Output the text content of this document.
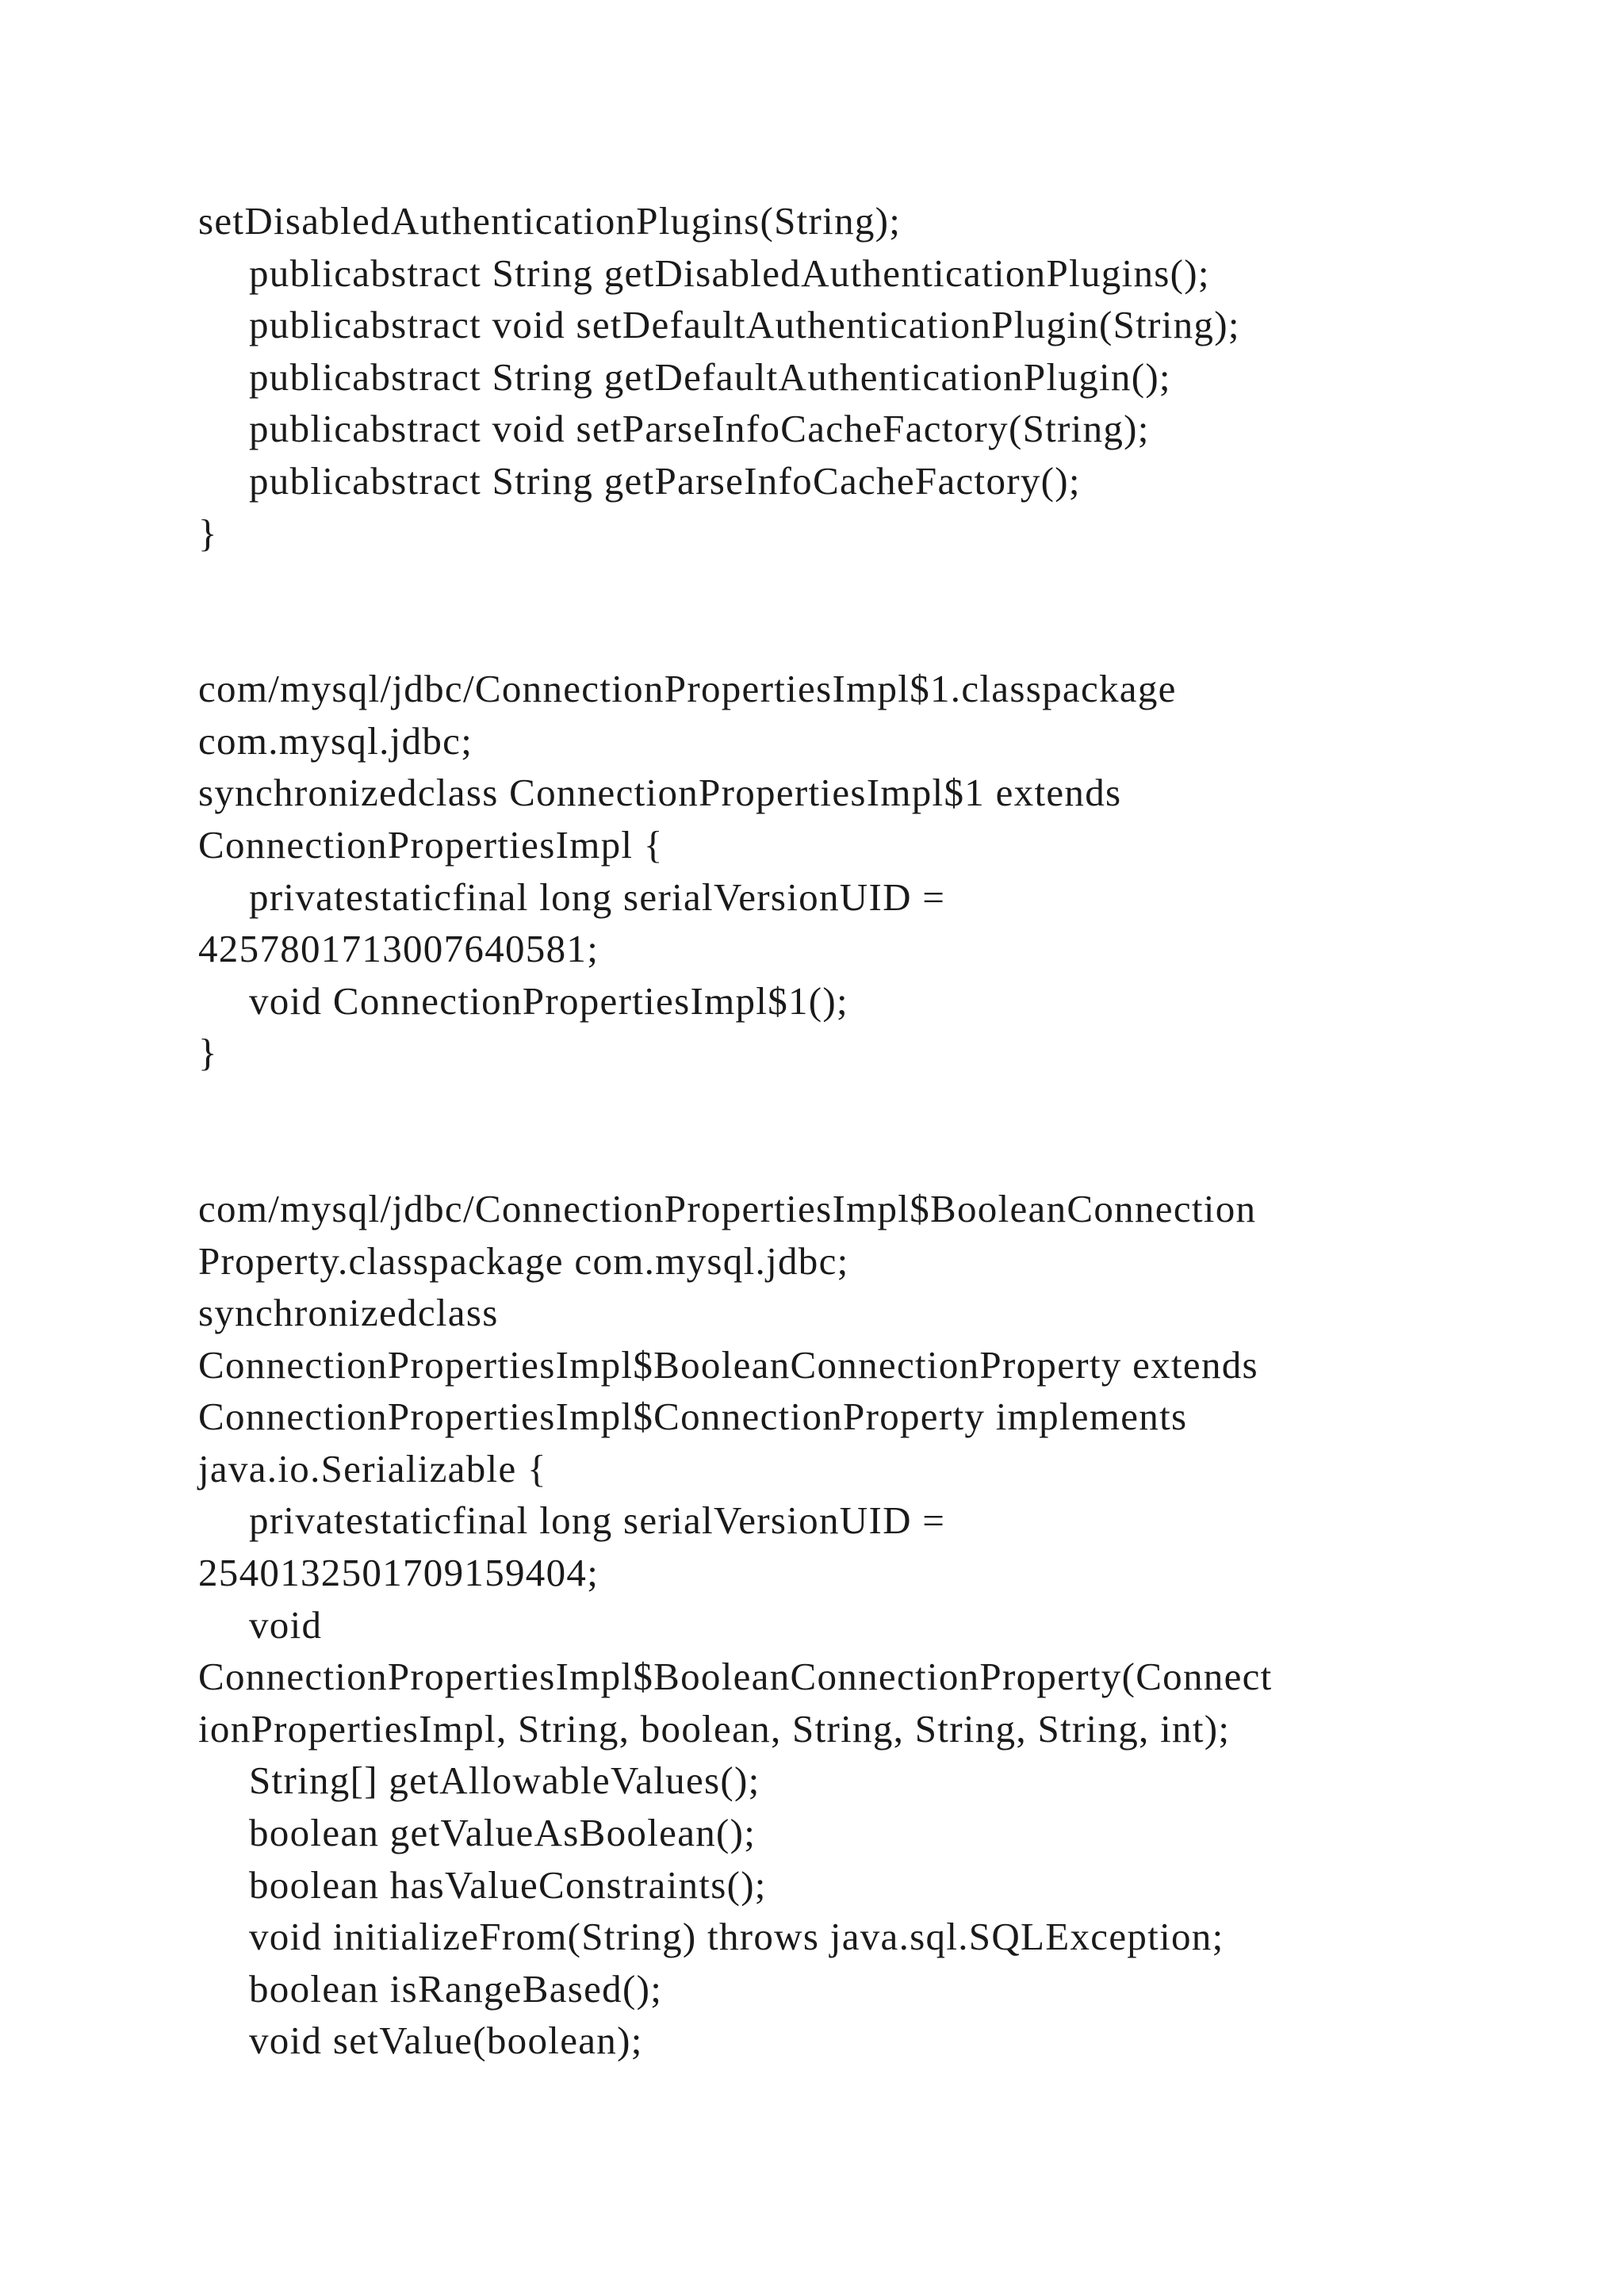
setDisabledAuthenticationPlugins(String);
publicabstract String getDisabledAuthenticationPlugins();
publicabstract void setDefaultAuthenticationPlugin(String);
publicabstract String getDefaultAuthenticationPlugin();
publicabstract void setParseInfoCacheFactory(String);
publicabstract String getParseInfoCacheFactory();
}
com/mysql/jdbc/ConnectionPropertiesImpl$1.classpackage
com.mysql.jdbc;
synchronizedclass ConnectionPropertiesImpl$1 extends
ConnectionPropertiesImpl {
privatestaticfinal long serialVersionUID =
4257801713007640581;
void ConnectionPropertiesImpl$1();
}
com/mysql/jdbc/ConnectionPropertiesImpl$BooleanConnection
Property.classpackage com.mysql.jdbc;
synchronizedclass
ConnectionPropertiesImpl$BooleanConnectionProperty extends
ConnectionPropertiesImpl$ConnectionProperty implements
java.io.Serializable {
privatestaticfinal long serialVersionUID =
2540132501709159404;
void
ConnectionPropertiesImpl$BooleanConnectionProperty(Connect
ionPropertiesImpl, String, boolean, String, String, String, int);
String[] getAllowableValues();
boolean getValueAsBoolean();
boolean hasValueConstraints();
void initializeFrom(String) throws java.sql.SQLException;
boolean isRangeBased();
void setValue(boolean);
